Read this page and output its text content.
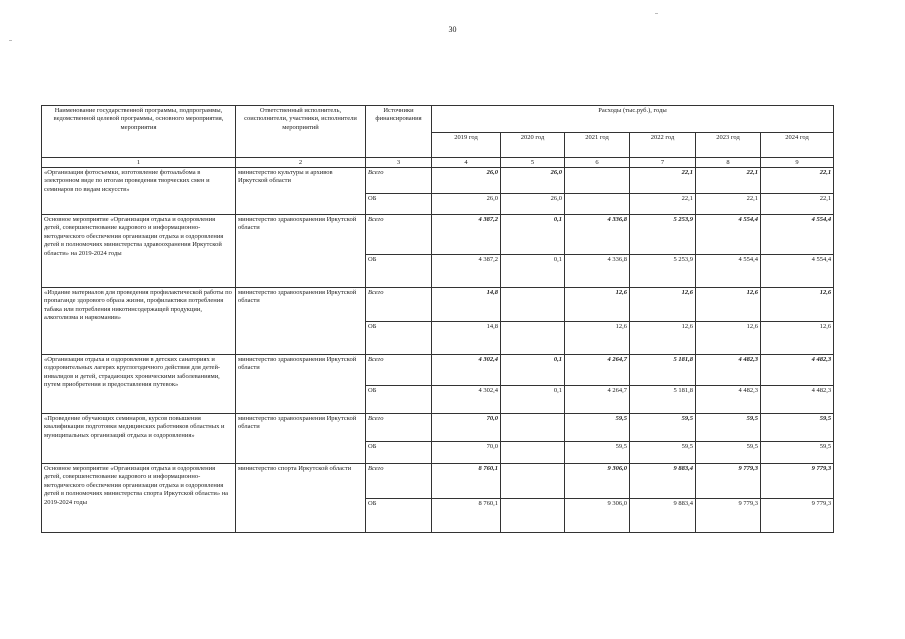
30
Наименование государственной программы, подпрограммы, ведомственной целевой программы, основного мероприятия, мероприятия	Ответственный исполнитель, соисполнители, участники, исполнители мероприятий	Источники финансирования	Расходы (тыс.руб.), годы					
			2019 год	2020 год	2021 год	2022 год	2023 год	2024 год
1	2	3	4	5	6	7	8	9
«Организация фотосъемки, изготовление фотоальбома в электронном виде по итогам проведения творческих смен и семинаров по видам искусств»	министерство культуры и архивов Иркутской области	Всего	26,0	26,0		22,1	22,1	22,1
		ОБ	26,0	26,0		22,1	22,1	22,1
Основное мероприятие «Организация отдыха и оздоровления детей, совершенствование кадрового и информационно-методического обеспечения организации отдыха и оздоровления детей в полномочиях министерства здравоохранения Иркутской области» на 2019-2024 годы	министерство здравоохранения Иркутской области	Всего	4 387,2	0,1	4 336,8	5 253,9	4 554,4	4 554,4
		ОБ	4 387,2	0,1	4 336,8	5 253,9	4 554,4	4 554,4
«Издание материалов для проведения профилактической работы по пропаганде здорового образа жизни, профилактики потребления табака или потребления никотинсодержащей продукции, алкоголизма и наркомании»	министерство здравоохранения Иркутской области	Всего	14,8		12,6	12,6	12,6	12,6
		ОБ	14,8		12,6	12,6	12,6	12,6
«Организация отдыха и оздоровления в детских санаториях и оздоровительных лагерях круглогодичного действия для детей-инвалидов и детей, страдающих хроническими заболеваниями, путем приобретения и предоставления путевок»	министерство здравоохранения Иркутской области	Всего	4 302,4	0,1	4 264,7	5 181,8	4 482,3	4 482,3
		ОБ	4 302,4	0,1	4 264,7	5 181,8	4 482,3	4 482,3
«Проведение обучающих семинаров, курсов повышения квалификации подготовки медицинских работников областных и муниципальных организаций отдыха и оздоровления»	министерство здравоохранения Иркутской области	Всего	70,0		59,5	59,5	59,5	59,5
		ОБ	70,0		59,5	59,5	59,5	59,5
Основное мероприятие «Организация отдыха и оздоровления детей, совершенствование кадрового и информационно-методического обеспечения организации отдыха и оздоровления детей в полномочиях министерства спорта Иркутской области» на 2019-2024 годы	министерство спорта Иркутской области	Всего	8 760,1		9 306,0	9 883,4	9 779,3	9 779,3
		ОБ	8 760,1		9 306,0	9 883,4	9 779,3	9 779,3
